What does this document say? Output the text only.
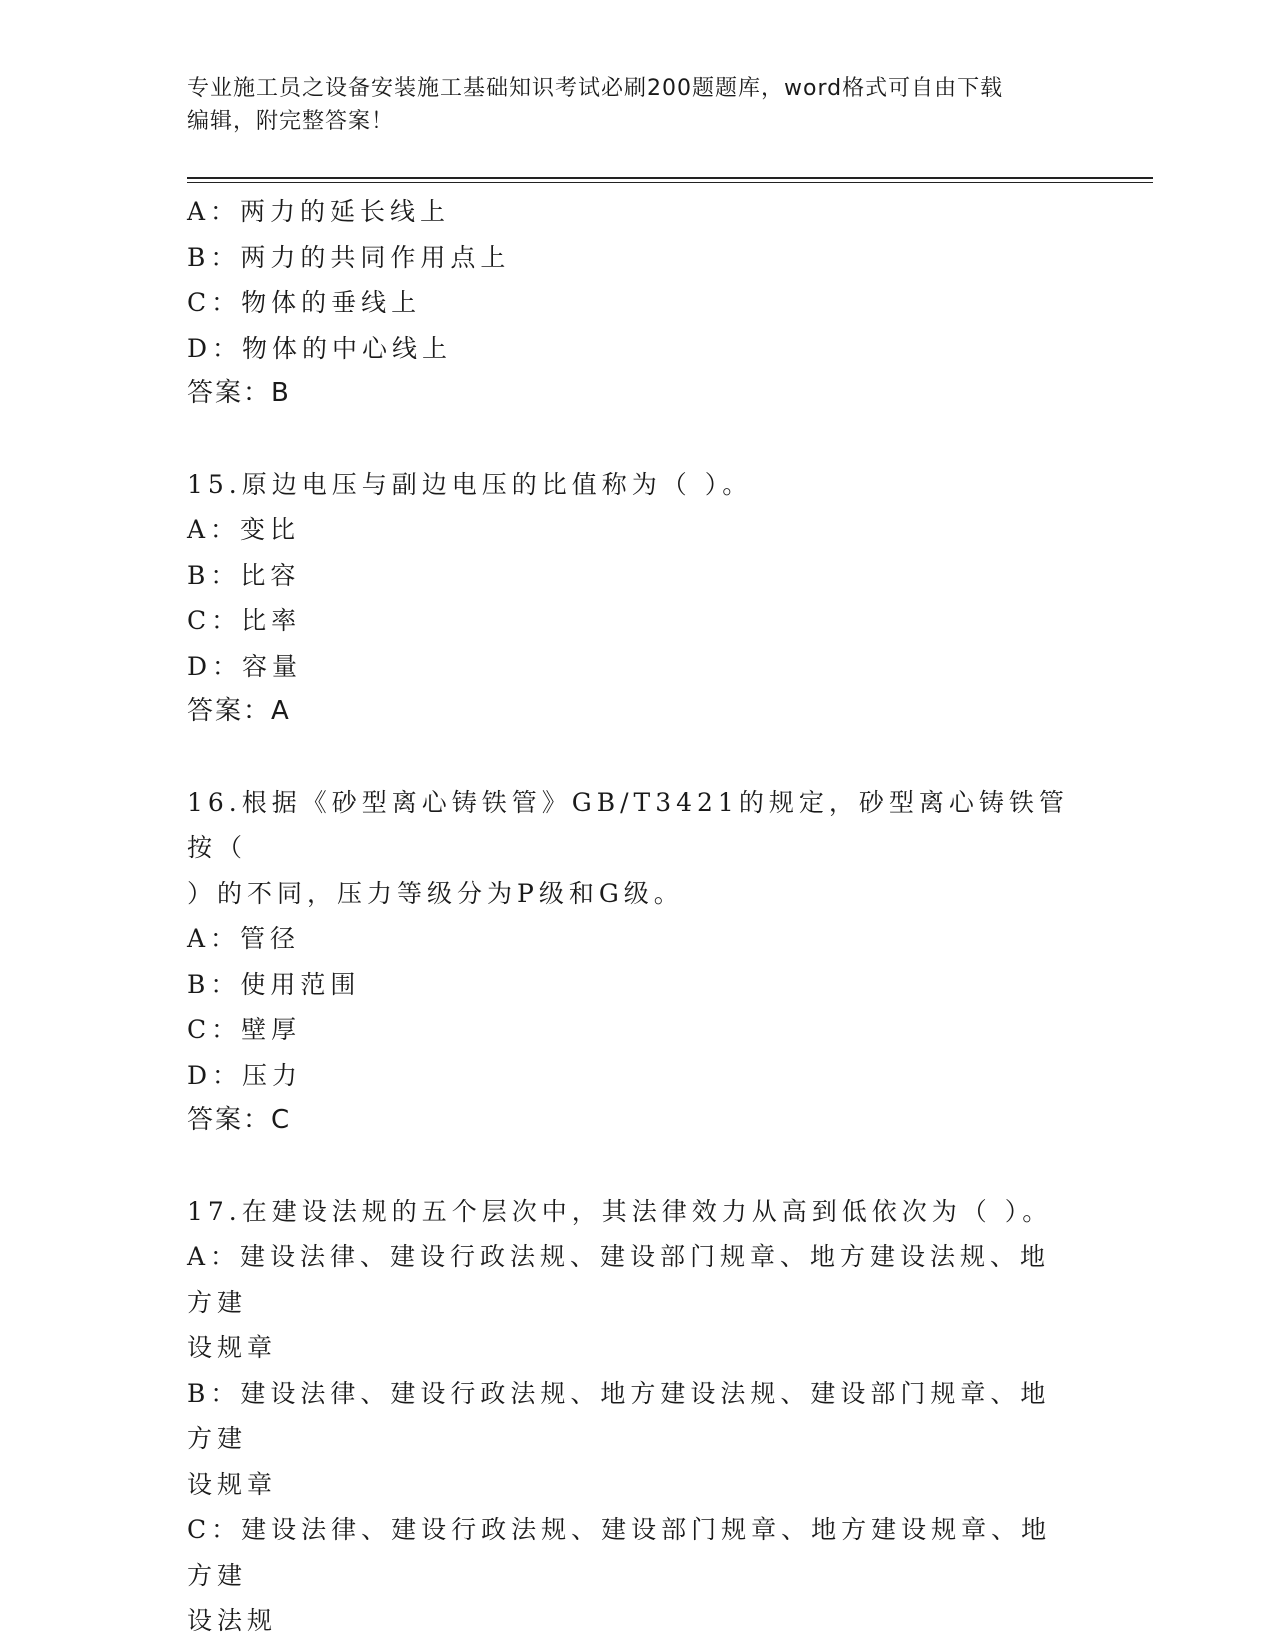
专业施工员之设备安装施工基础知识考试必刷200题题库，word格式可自由下载
编辑，附完整答案！
A：两力的延长线上
B：两力的共同作用点上
C：物体的垂线上
D：物体的中心线上
答案：B
15.原边电压与副边电压的比值称为（ ）。
A：变比
B：比容
C：比率
D：容量
答案：A
16.根据《砂型离心铸铁管》GB/T3421的规定，砂型离心铸铁管按（
）的不同，压力等级分为P级和G级。
A：管径
B：使用范围
C：壁厚
D：压力
答案：C
17.在建设法规的五个层次中，其法律效力从高到低依次为（ ）。
A：建设法律、建设行政法规、建设部门规章、地方建设法规、地方建
设规章
B：建设法律、建设行政法规、地方建设法规、建设部门规章、地方建
设规章
C：建设法律、建设行政法规、建设部门规章、地方建设规章、地方建
设法规
